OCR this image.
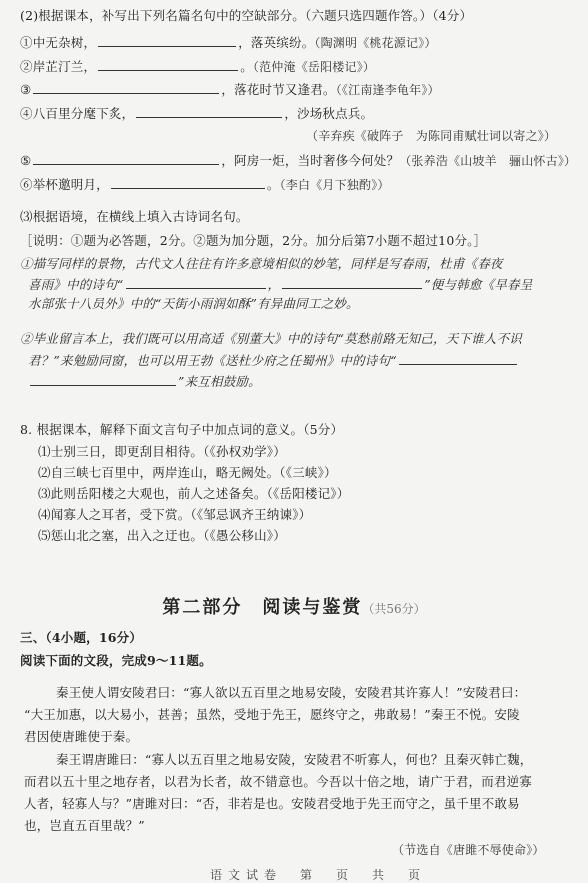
(2)根据课本，补写出下列名篇名句中的空缺部分。（六题只选四题作答。）（4分）
①中无杂树，	，落英缤纷。（陶渊明《桃花源记》）
②岸芷汀兰，	。（范仲淹《岳阳楼记》）
③	，落花时节又逢君。（《江南逢李龟年》）
④八百里分麾下炙，	，沙场秋点兵。
（辛弃疾《破阵子　为陈同甫赋壮词以寄之》）
⑤	，阿房一炬，当时奢侈今何处？（张养浩《山坡羊　骊山怀古》）
⑥举杯邀明月，	。（李白《月下独酌》）
⑶根据语境，在横线上填入古诗词名句。
［说明：①题为必答题，2分。②题为加分题，2分。加分后第7小题不超过10分。］
①描写同样的景物，古代文人往往有许多意境相似的妙笔，同样是写春雨，杜甫《春夜
喜雨》中的诗句“	，	”便与韩愈《早春呈
水部张十八员外》中的“天街小雨润如酥”有异曲同工之妙。
②毕业留言本上，我们既可以用高适《别董大》中的诗句“莫愁前路无知己，天下谁人不识
君？”来勉励同窗，也可以用王勃《送杜少府之任蜀州》中的诗句“
”来互相鼓励。
8. 根据课本，解释下面文言句子中加点词的意义。（5分）
⑴士别三日，即更刮目相待。（《孙权劝学》）
⑵自三峡七百里中，两岸连山，略无阙处。（《三峡》）
⑶此则岳阳楼之大观也，前人之述备矣。（《岳阳楼记》）
⑷闻寡人之耳者，受下赏。（《邹忌讽齐王纳谏》）
⑸惩山北之塞，出入之迂也。（《愚公移山》）
第二部分　阅读与鉴赏（共56分）
三、（4小题，16分）
阅读下面的文段，完成9～11题。
秦王使人谓安陵君曰：“寡人欲以五百里之地易安陵，安陵君其许寡人！”安陵君曰：
“大王加惠，以大易小，甚善；虽然，受地于先王，愿终守之，弗敢易！”秦王不悦。安陵
君因使唐雎使于秦。
秦王谓唐雎曰：“寡人以五百里之地易安陵，安陵君不听寡人，何也？且秦灭韩亡魏，
而君以五十里之地存者，以君为长者，故不错意也。今吾以十倍之地，请广于君，而君逆寡
人者，轻寡人与？”唐雎对曰：“否，非若是也。安陵君受地于先王而守之，虽千里不敢易
也，岂直五百里哉？”
（节选自《唐雎不辱使命》）
语文试卷　第　页　共　页
